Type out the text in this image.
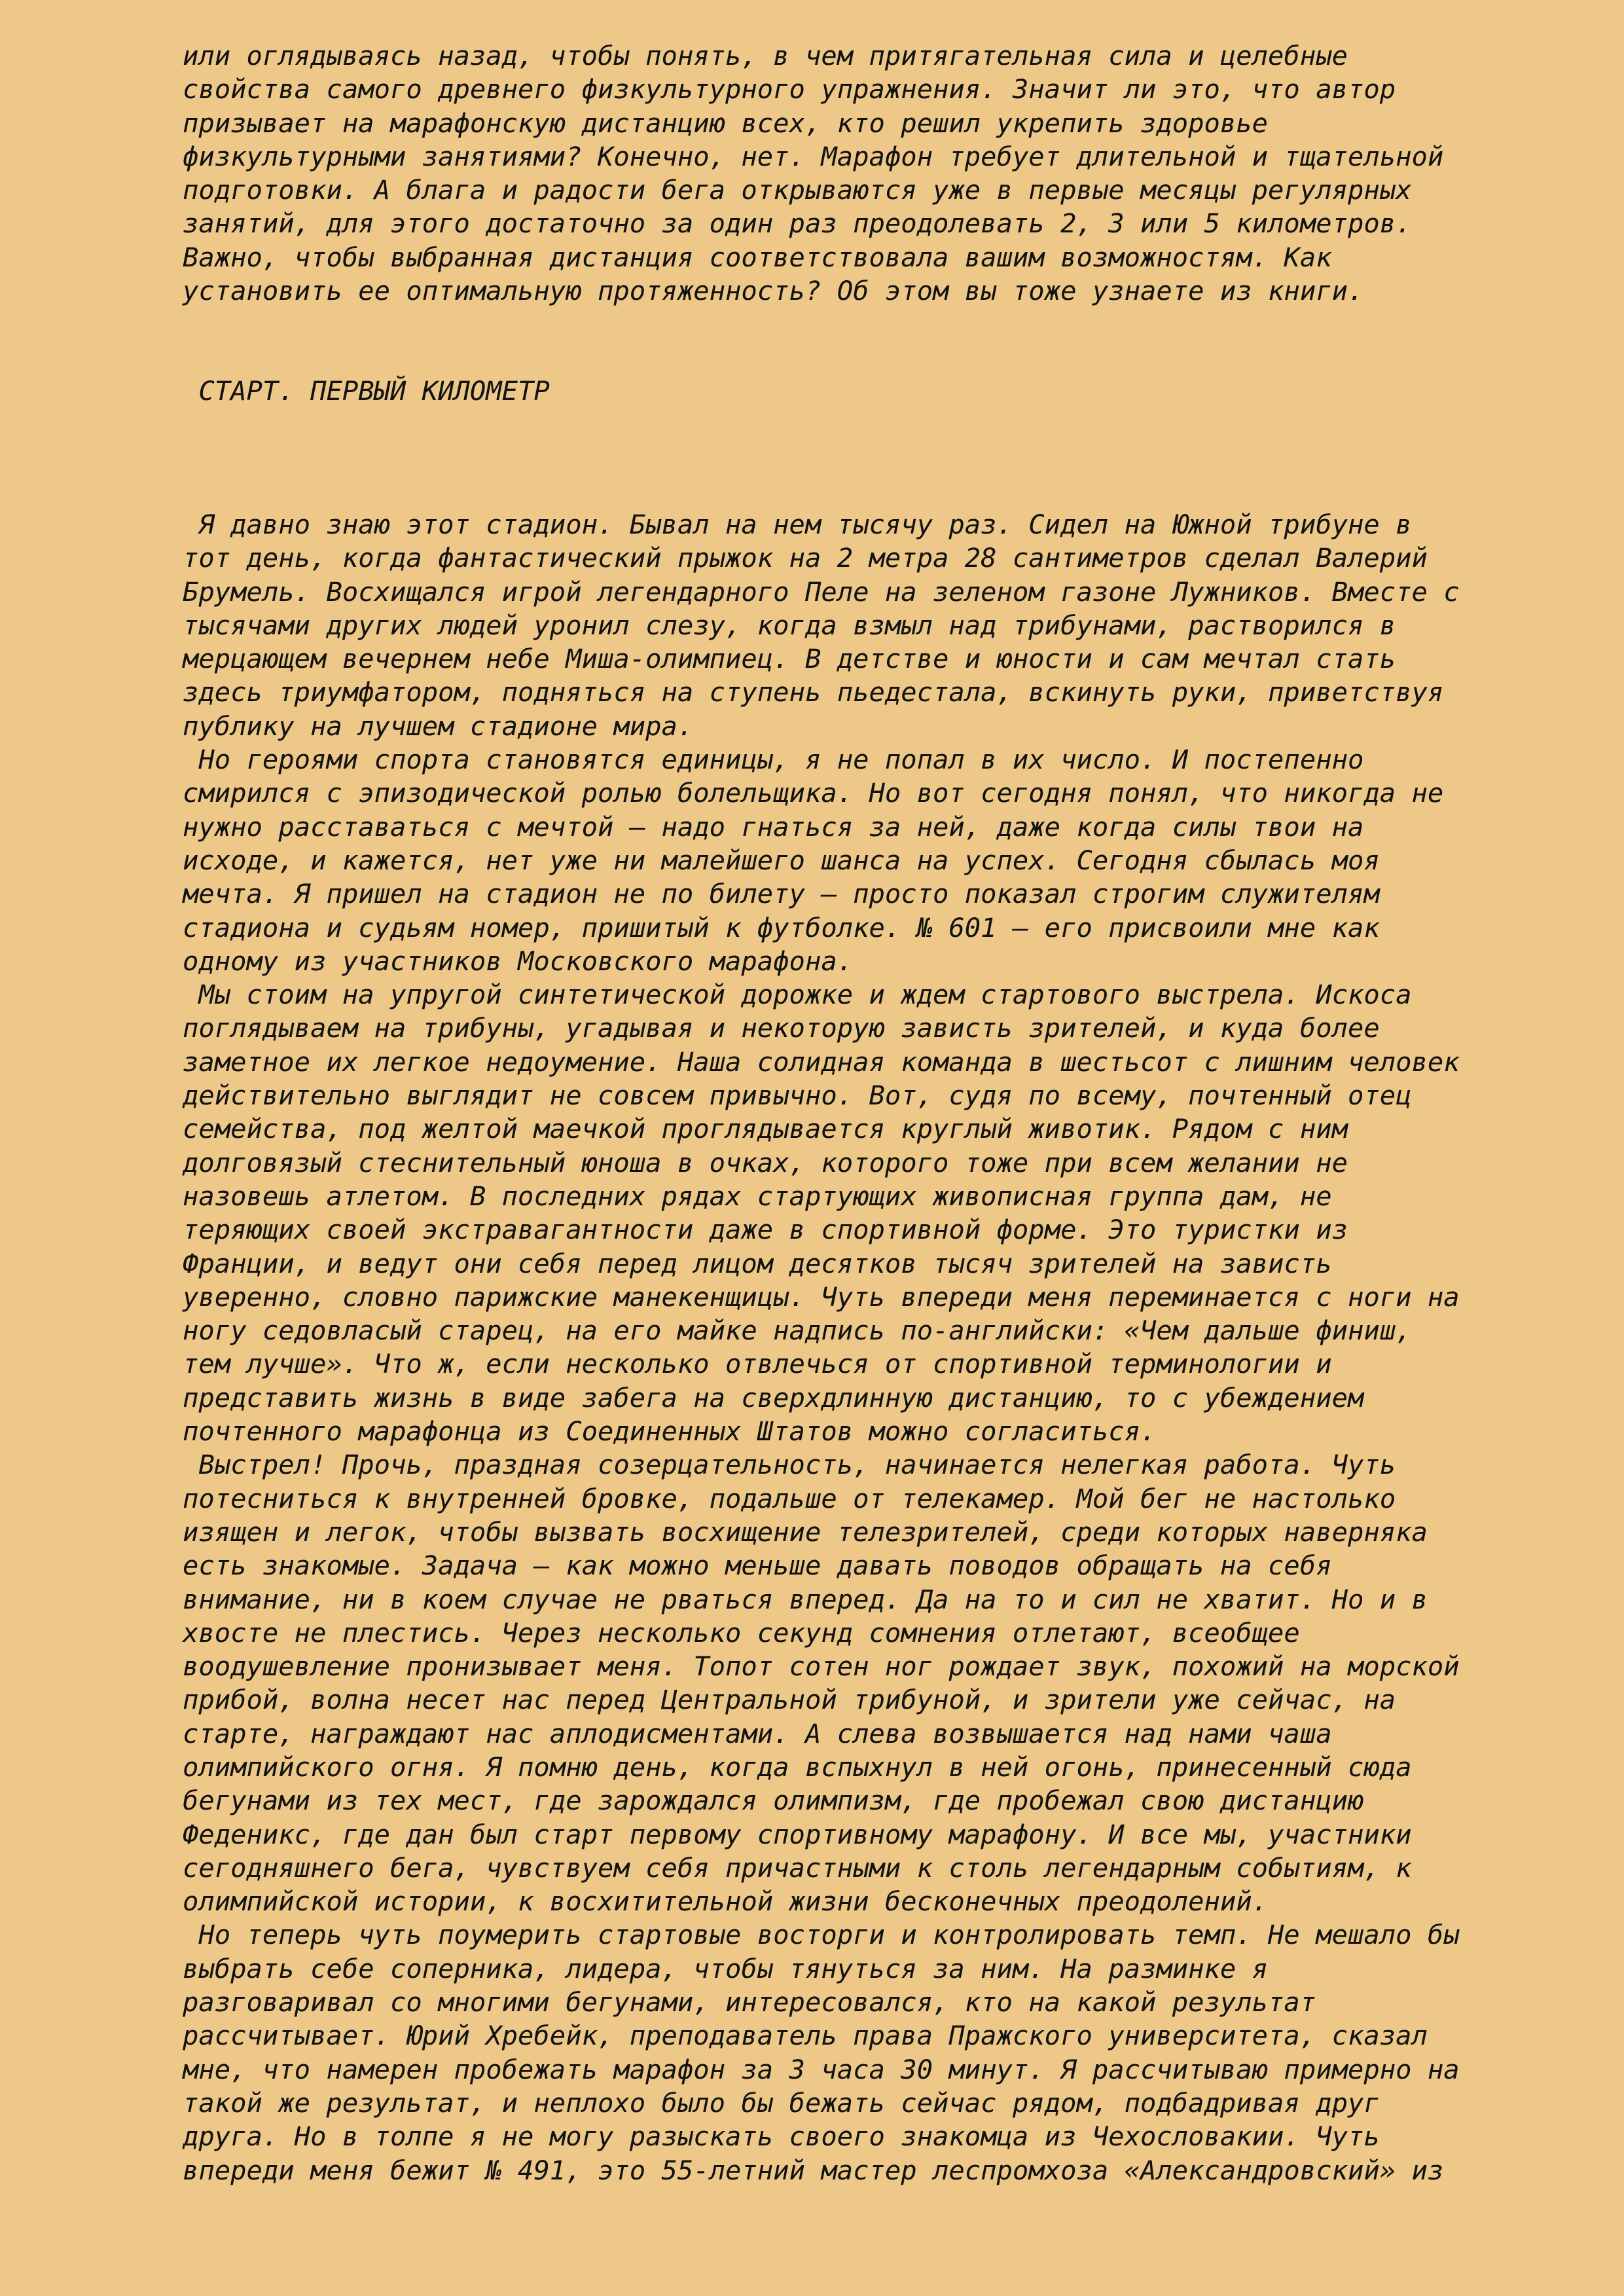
или оглядываясь назад, чтобы понять, в чем притягательная сила и целебные
свойства самого древнего физкультурного упражнения. Значит ли это, что автор
призывает на марафонскую дистанцию всех, кто решил укрепить здоровье
физкультурными занятиями? Конечно, нет. Марафон требует длительной и тщательной
подготовки. А блага и радости бега открываются уже в первые месяцы регулярных
занятий, для этого достаточно за один раз преодолевать 2, 3 или 5 километров.
Важно, чтобы выбранная дистанция соответствовала вашим возможностям. Как
установить ее оптимальную протяженность? Об этом вы тоже узнаете из книги.
СТАРТ. ПЕРВЫЙ КИЛОМЕТР
Я давно знаю этот стадион. Бывал на нем тысячу раз. Сидел на Южной трибуне в
тот день, когда фантастический прыжок на 2 метра 28 сантиметров сделал Валерий
Брумель. Восхищался игрой легендарного Пеле на зеленом газоне Лужников. Вместе с
тысячами других людей уронил слезу, когда взмыл над трибунами, растворился в
мерцающем вечернем небе Миша-олимпиец. В детстве и юности и сам мечтал стать
здесь триумфатором, подняться на ступень пьедестала, вскинуть руки, приветствуя
публику на лучшем стадионе мира.
Но героями спорта становятся единицы, я не попал в их число. И постепенно
смирился с эпизодической ролью болельщика. Но вот сегодня понял, что никогда не
нужно расставаться с мечтой – надо гнаться за ней, даже когда силы твои на
исходе, и кажется, нет уже ни малейшего шанса на успех. Сегодня сбылась моя
мечта. Я пришел на стадион не по билету – просто показал строгим служителям
стадиона и судьям номер, пришитый к футболке. № 601 – его присвоили мне как
одному из участников Московского марафона.
Мы стоим на упругой синтетической дорожке и ждем стартового выстрела. Искоса
поглядываем на трибуны, угадывая и некоторую зависть зрителей, и куда более
заметное их легкое недоумение. Наша солидная команда в шестьсот с лишним человек
действительно выглядит не совсем привычно. Вот, судя по всему, почтенный отец
семейства, под желтой маечкой проглядывается круглый животик. Рядом с ним
долговязый стеснительный юноша в очках, которого тоже при всем желании не
назовешь атлетом. В последних рядах стартующих живописная группа дам, не
теряющих своей экстравагантности даже в спортивной форме. Это туристки из
Франции, и ведут они себя перед лицом десятков тысяч зрителей на зависть
уверенно, словно парижские манекенщицы. Чуть впереди меня переминается с ноги на
ногу седовласый старец, на его майке надпись по-английски: «Чем дальше финиш,
тем лучше». Что ж, если несколько отвлечься от спортивной терминологии и
представить жизнь в виде забега на сверхдлинную дистанцию, то с убеждением
почтенного марафонца из Соединенных Штатов можно согласиться.
Выстрел! Прочь, праздная созерцательность, начинается нелегкая работа. Чуть
потесниться к внутренней бровке, подальше от телекамер. Мой бег не настолько
изящен и легок, чтобы вызвать восхищение телезрителей, среди которых наверняка
есть знакомые. Задача – как можно меньше давать поводов обращать на себя
внимание, ни в коем случае не рваться вперед. Да на то и сил не хватит. Но и в
хвосте не плестись. Через несколько секунд сомнения отлетают, всеобщее
воодушевление пронизывает меня. Топот сотен ног рождает звук, похожий на морской
прибой, волна несет нас перед Центральной трибуной, и зрители уже сейчас, на
старте, награждают нас аплодисментами. А слева возвышается над нами чаша
олимпийского огня. Я помню день, когда вспыхнул в ней огонь, принесенный сюда
бегунами из тех мест, где зарождался олимпизм, где пробежал свою дистанцию
Феденикс, где дан был старт первому спортивному марафону. И все мы, участники
сегодняшнего бега, чувствуем себя причастными к столь легендарным событиям, к
олимпийской истории, к восхитительной жизни бесконечных преодолений.
Но теперь чуть поумерить стартовые восторги и контролировать темп. Не мешало бы
выбрать себе соперника, лидера, чтобы тянуться за ним. На разминке я
разговаривал со многими бегунами, интересовался, кто на какой результат
рассчитывает. Юрий Хребейк, преподаватель права Пражского университета, сказал
мне, что намерен пробежать марафон за 3 часа 30 минут. Я рассчитываю примерно на
такой же результат, и неплохо было бы бежать сейчас рядом, подбадривая друг
друга. Но в толпе я не могу разыскать своего знакомца из Чехословакии. Чуть
впереди меня бежит № 491, это 55-летний мастер леспромхоза «Александровский» из
